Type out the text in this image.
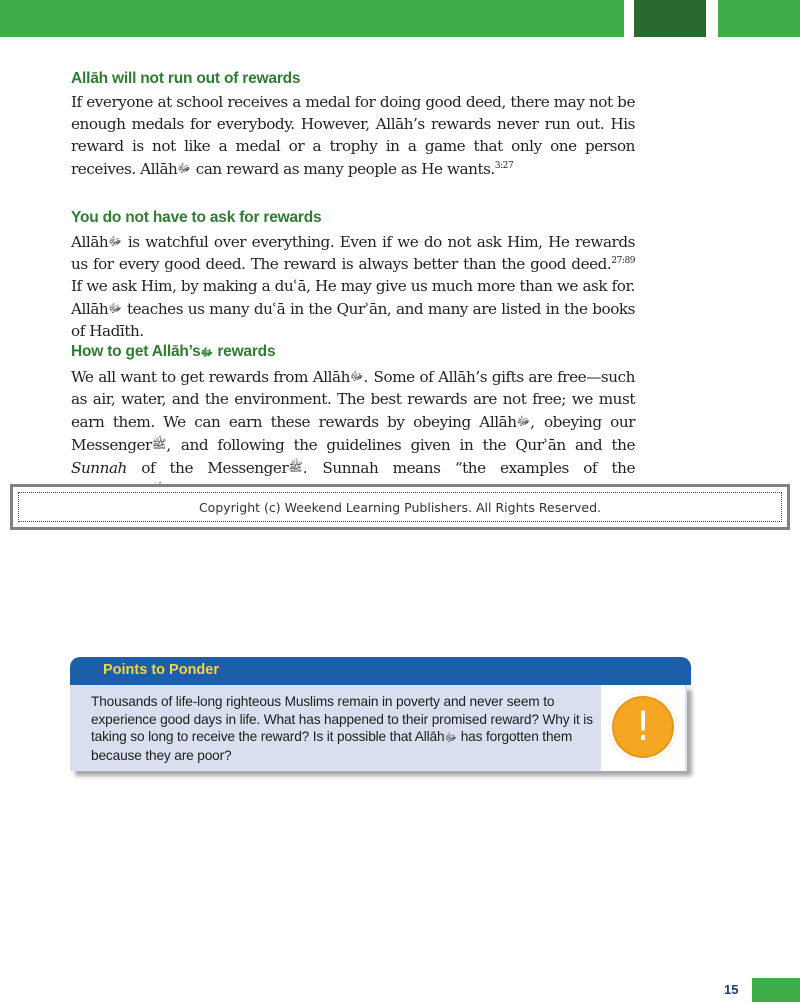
Allāh will not run out of rewards

If everyone at school receives a medal for doing good deed, there may not be enough medals for everybody. However, Allāh’s rewards never run out. His reward is not like a medal or a trophy in a game that only one person receives. Allāhﷻ can reward as many people as He wants.$^{3:27}$

You do not have to ask for rewards

Allāhﷻ is watchful over everything. Even if we do not ask Him, He rewards us for every good deed. The reward is always better than the good deed.$^{27:89}$ If we ask Him, by making a duʿā, He may give us much more than we ask for. Allāhﷻ teaches us many duʿā in the Qurʾān, and many are listed in the books of Hadīth.

How to get Allāh’sﷻ rewards

We all want to get rewards from Allāhﷻ. Some of Allāh’s gifts are free—such as air, water, and the environment. The best rewards are not free; we must earn them. We can earn these rewards by obeying Allāhﷻ, obeying our Messengerﷺ, and following the guidelines given in the Qurʾān and the Sunnah of the Messengerﷺ. Sunnah means “the examples of the

Copyright (c) Weekend Learning Publishers. All Rights Reserved.
Points to Ponder
Thousands of life-long righteous Muslims remain in poverty and never seem to experience good days in life. What has happened to their promised reward? Why it is taking so long to receive the reward? Is it possible that Allāhﷻ has forgotten them because they are poor?
!
15
